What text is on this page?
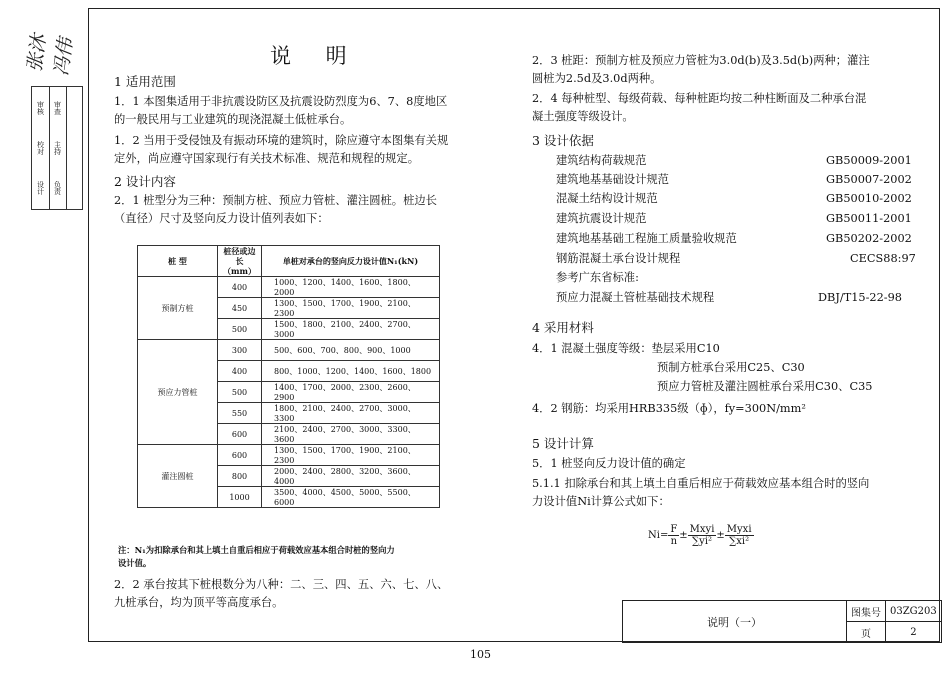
张沐 冯伟
审核
校对
设计
审查
主持
负责
说 明
1 适用范围
1．1 本图集适用于非抗震设防区及抗震设防烈度为6、7、8度地区
的一般民用与工业建筑的现浇混凝土低桩承台。
1．2 当用于受侵蚀及有振动环境的建筑时，除应遵守本图集有关规
定外，尚应遵守国家现行有关技术标准、规范和规程的规定。
2 设计内容
2．1 桩型分为三种：预制方桩、预应力管桩、灌注圆桩。桩边长
（直径）尺寸及竖向反力设计值列表如下：
桩 型	桩径或边长
（mm）	单桩对承台的竖向反力设计值N₁(kN)
预制方桩	400	1000、1200、1400、1600、1800、2000
	450	1300、1500、1700、1900、2100、2300
	500	1500、1800、2100、2400、2700、3000
预应力管桩	300	500、600、700、800、900、1000
	400	800、1000、1200、1400、1600、1800
	500	1400、1700、2000、2300、2600、2900
	550	1800、2100、2400、2700、3000、3300
	600	2100、2400、2700、3000、3300、3600
灌注圆桩	600	1300、1500、1700、1900、2100、2300
	800	2000、2400、2800、3200、3600、4000
	1000	3500、4000、4500、5000、5500、6000
注：N₁为扣除承台和其上填土自重后相应于荷载效应基本组合时桩的竖向力
设计值。
2．2 承台按其下桩根数分为八种：二、三、四、五、六、七、八、
九桩承台，均为顶平等高度承台。
2．3 桩距：预制方桩及预应力管桩为3.0d(b)及3.5d(b)两种；灌注
圆桩为2.5d及3.0d两种。
2．4 每种桩型、每级荷载、每种桩距均按二种柱断面及二种承台混
凝土强度等级设计。
3 设计依据
建筑结构荷载规范	GB50009-2001
建筑地基基础设计规范	GB50007-2002
混凝土结构设计规范	GB50010-2002
建筑抗震设计规范	GB50011-2001
建筑地基基础工程施工质量验收规范	GB50202-2002
钢筋混凝土承台设计规程	CECS88:97
参考广东省标准:
预应力混凝土管桩基础技术规程	DBJ/T15-22-98
4 采用材料
4．1 混凝土强度等级：垫层采用C10
预制方桩承台采用C25、C30
预应力管桩及灌注圆桩承台采用C30、C35
4．2 钢筋：均采用HRB335级（ɸ），fy=300N/mm²
5 设计计算
5．1 桩竖向反力设计值的确定
5.1.1 扣除承台和其上填土自重后相应于荷载效应基本组合时的竖向
力设计值Ni计算公式如下：
$Ni= \frac{F}{n} \pm \frac{\text{Mxyi}}{\text{∑yi²}} \pm \frac{\text{Myxi}}{\text{∑xi²}}$
说明（一）	图集号	03ZG203
	页	2
105
